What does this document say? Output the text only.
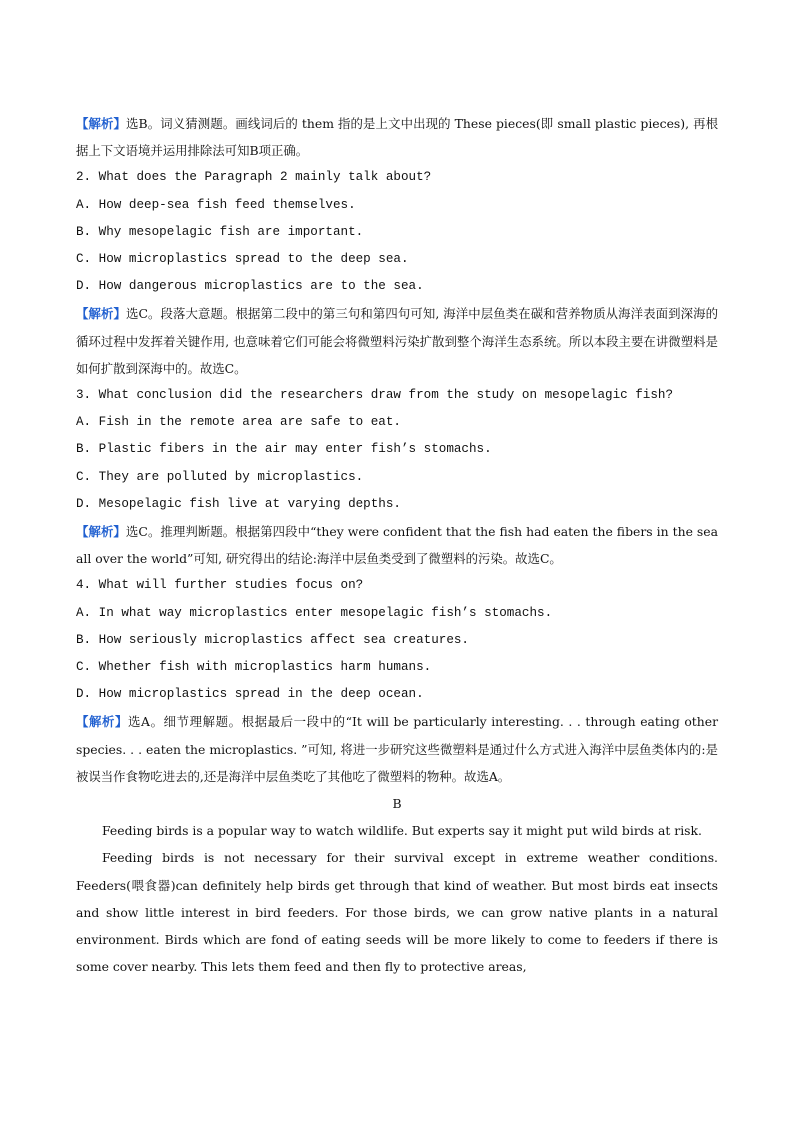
【解析】选B。词义猜测题。画线词后的 them 指的是上文中出现的 These pieces(即 small plastic pieces), 再根据上下文语境并运用排除法可知B项正确。

2. What does the Paragraph 2 mainly talk about?

A. How deep-sea fish feed themselves.

B. Why mesopelagic fish are important.

C. How microplastics spread to the deep sea.

D. How dangerous microplastics are to the sea.

【解析】选C。段落大意题。根据第二段中的第三句和第四句可知, 海洋中层鱼类在碳和营养物质从海洋表面到深海的循环过程中发挥着关键作用, 也意味着它们可能会将微塑料污染扩散到整个海洋生态系统。所以本段主要在讲微塑料是如何扩散到深海中的。故选C。

3. What conclusion did the researchers draw from the study on mesopelagic fish?

A. Fish in the remote area are safe to eat.

B. Plastic fibers in the air may enter fish’s stomachs.

C. They are polluted by microplastics.

D. Mesopelagic fish live at varying depths.

【解析】选C。推理判断题。根据第四段中“they were confident that the fish had eaten the fibers in the sea all over the world”可知, 研究得出的结论:海洋中层鱼类受到了微塑料的污染。故选C。

4. What will further studies focus on?

A. In what way microplastics enter mesopelagic fish’s stomachs.

B. How seriously microplastics affect sea creatures.

C. Whether fish with microplastics harm humans.

D. How microplastics spread in the deep ocean.

【解析】选A。细节理解题。根据最后一段中的“It will be particularly interesting. . . through eating other species. . . eaten the microplastics. ”可知, 将进一步研究这些微塑料是通过什么方式进入海洋中层鱼类体内的:是被误当作食物吃进去的,还是海洋中层鱼类吃了其他吃了微塑料的物种。故选A。

B

Feeding birds is a popular way to watch wildlife. But experts say it might put wild birds at risk.

Feeding birds is not necessary for their survival except in extreme weather conditions. Feeders(喂食器)can definitely help birds get through that kind of weather. But most birds eat insects and show little interest in bird feeders. For those birds, we can grow native plants in a natural environment. Birds which are fond of eating seeds will be more likely to come to feeders if there is some cover nearby. This lets them feed and then fly to protective areas,
